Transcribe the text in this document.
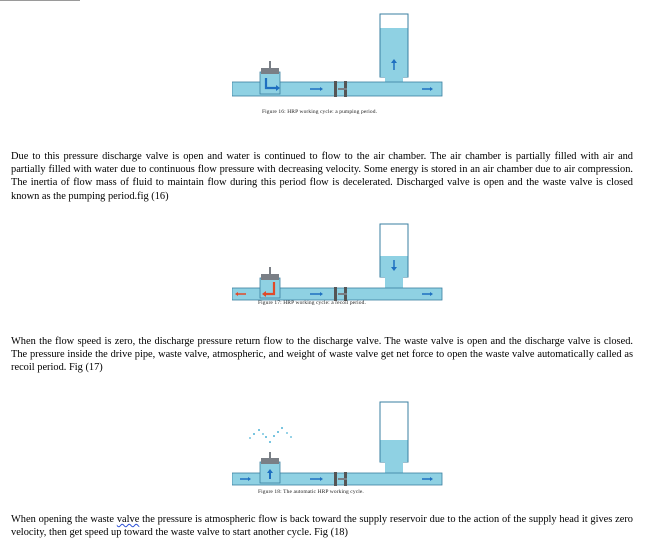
Figure 16: HRP working cycle: a pumping period.
Due to this pressure discharge valve is open and water is continued to flow to the air chamber. The air chamber is partially filled with air and partially filled with water due to continuous flow pressure with decreasing velocity. Some energy is stored in an air chamber due to air compression. The inertia of flow mass of fluid to maintain flow during this period flow is decelerated. Discharged valve is open and the waste valve is closed known as the pumping period.fig (16)
Figure 17: HRP working cycle: a recoil period.
When the flow speed is zero, the discharge pressure return flow to the discharge valve. The waste valve is open and the discharge valve is closed. The pressure inside the drive pipe, waste valve, atmospheric, and weight of waste valve get net force to open the waste valve automatically called as recoil period. Fig (17)
Figure 18: The automatic HRP working cycle.
When opening the waste valve the pressure is atmospheric flow is back toward the supply reservoir due to the action of the supply head it gives zero velocity, then get speed up toward the waste valve to start another cycle. Fig (18)
